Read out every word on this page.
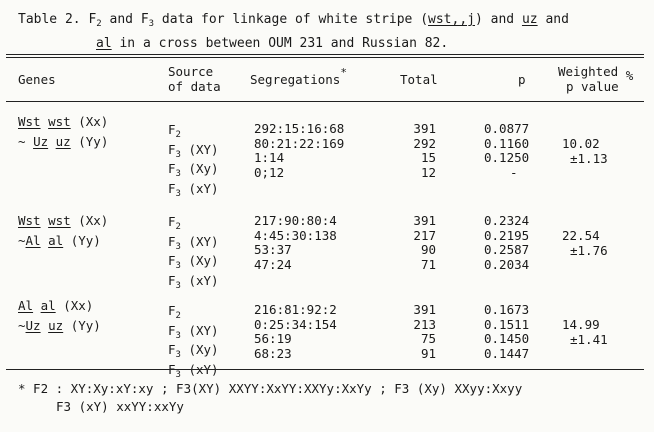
Table 2. $F_2$ and $F_3$ data for linkage of white stripe (wst,,j) and uz and
al in a cross between OUM 231 and Russian 82.
Genes
Source
of data Segregations*	Total	p
Weighted %
p value
Wst wst (Xx)
~ Uz uz (Yy)
$F_2$
$F_3$ (XY)
$F_3$ (Xy)
$F_3$ (xY)
292:15:16:68
80:21:22:169
1:14
0;12
391
292
15
12
0.0877
0.1160
0.1250
-
10.02
±1.13
Wst wst (Xx)
~Al al (Yy)
$F_2$
$F_3$ (XY)
$F_3$ (Xy)
$F_3$ (xY)
217:90:80:4
4:45:30:138
53:37
47:24
391
217
90
71
0.2324
0.2195
0.2587
0.2034
22.54
±1.76
Al al (Xx)
~Uz uz (Yy)
$F_2$
$F_3$ (XY)
$F_3$ (Xy)
$F_3$ (xY)
216:81:92:2
0:25:34:154
56:19
68:23
391
213
75
91
0.1673
0.1511
0.1450
0.1447
14.99
±1.41
* F2 : XY:Xy:xY:xy ; F3(XY) XXYY:XxYY:XXYy:XxYy ; F3 (Xy) XXyy:Xxyy
F3 (xY) xxYY:xxYy
